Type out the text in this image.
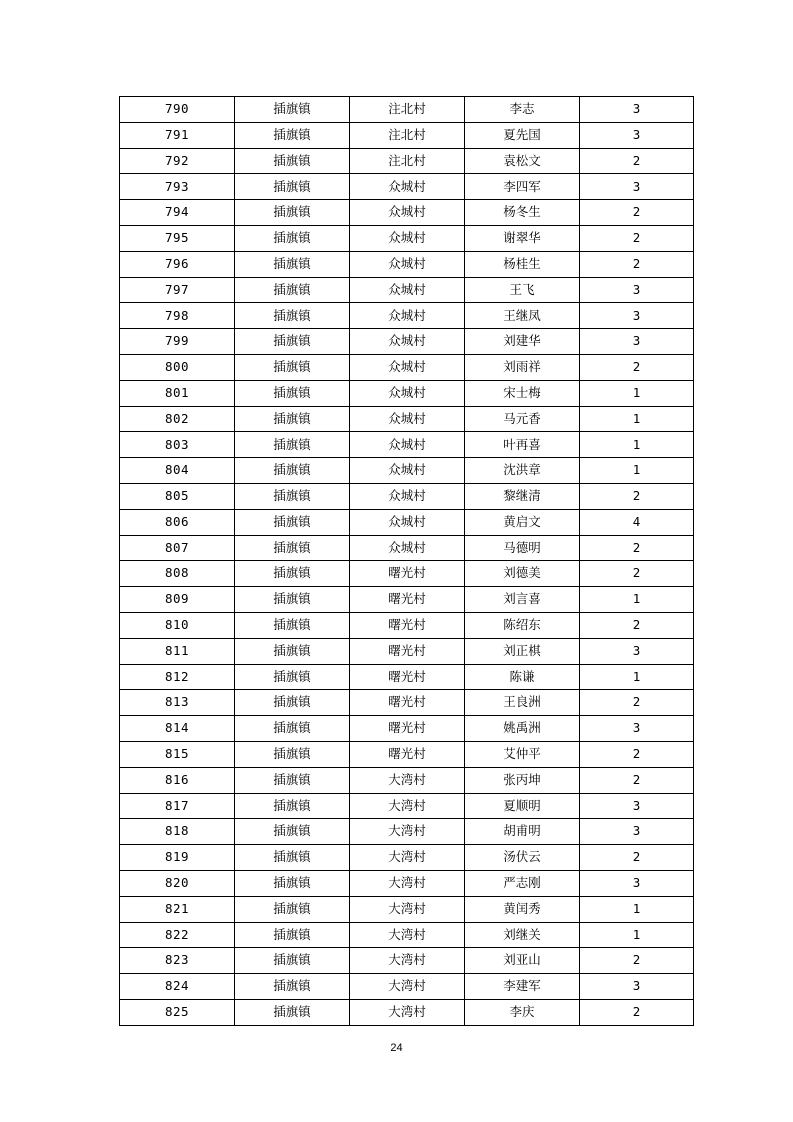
790	插旗镇	注北村	李志	3
791	插旗镇	注北村	夏先国	3
792	插旗镇	注北村	袁松文	2
793	插旗镇	众城村	李四军	3
794	插旗镇	众城村	杨冬生	2
795	插旗镇	众城村	谢翠华	2
796	插旗镇	众城村	杨桂生	2
797	插旗镇	众城村	王飞	3
798	插旗镇	众城村	王继凤	3
799	插旗镇	众城村	刘建华	3
800	插旗镇	众城村	刘雨祥	2
801	插旗镇	众城村	宋士梅	1
802	插旗镇	众城村	马元香	1
803	插旗镇	众城村	叶再喜	1
804	插旗镇	众城村	沈洪章	1
805	插旗镇	众城村	黎继清	2
806	插旗镇	众城村	黄启文	4
807	插旗镇	众城村	马德明	2
808	插旗镇	曙光村	刘德美	2
809	插旗镇	曙光村	刘言喜	1
810	插旗镇	曙光村	陈绍东	2
811	插旗镇	曙光村	刘正棋	3
812	插旗镇	曙光村	陈谦	1
813	插旗镇	曙光村	王良洲	2
814	插旗镇	曙光村	姚禹洲	3
815	插旗镇	曙光村	艾仲平	2
816	插旗镇	大湾村	张丙坤	2
817	插旗镇	大湾村	夏顺明	3
818	插旗镇	大湾村	胡甫明	3
819	插旗镇	大湾村	汤伏云	2
820	插旗镇	大湾村	严志刚	3
821	插旗镇	大湾村	黄闰秀	1
822	插旗镇	大湾村	刘继关	1
823	插旗镇	大湾村	刘亚山	2
824	插旗镇	大湾村	李建军	3
825	插旗镇	大湾村	李庆	2
24
